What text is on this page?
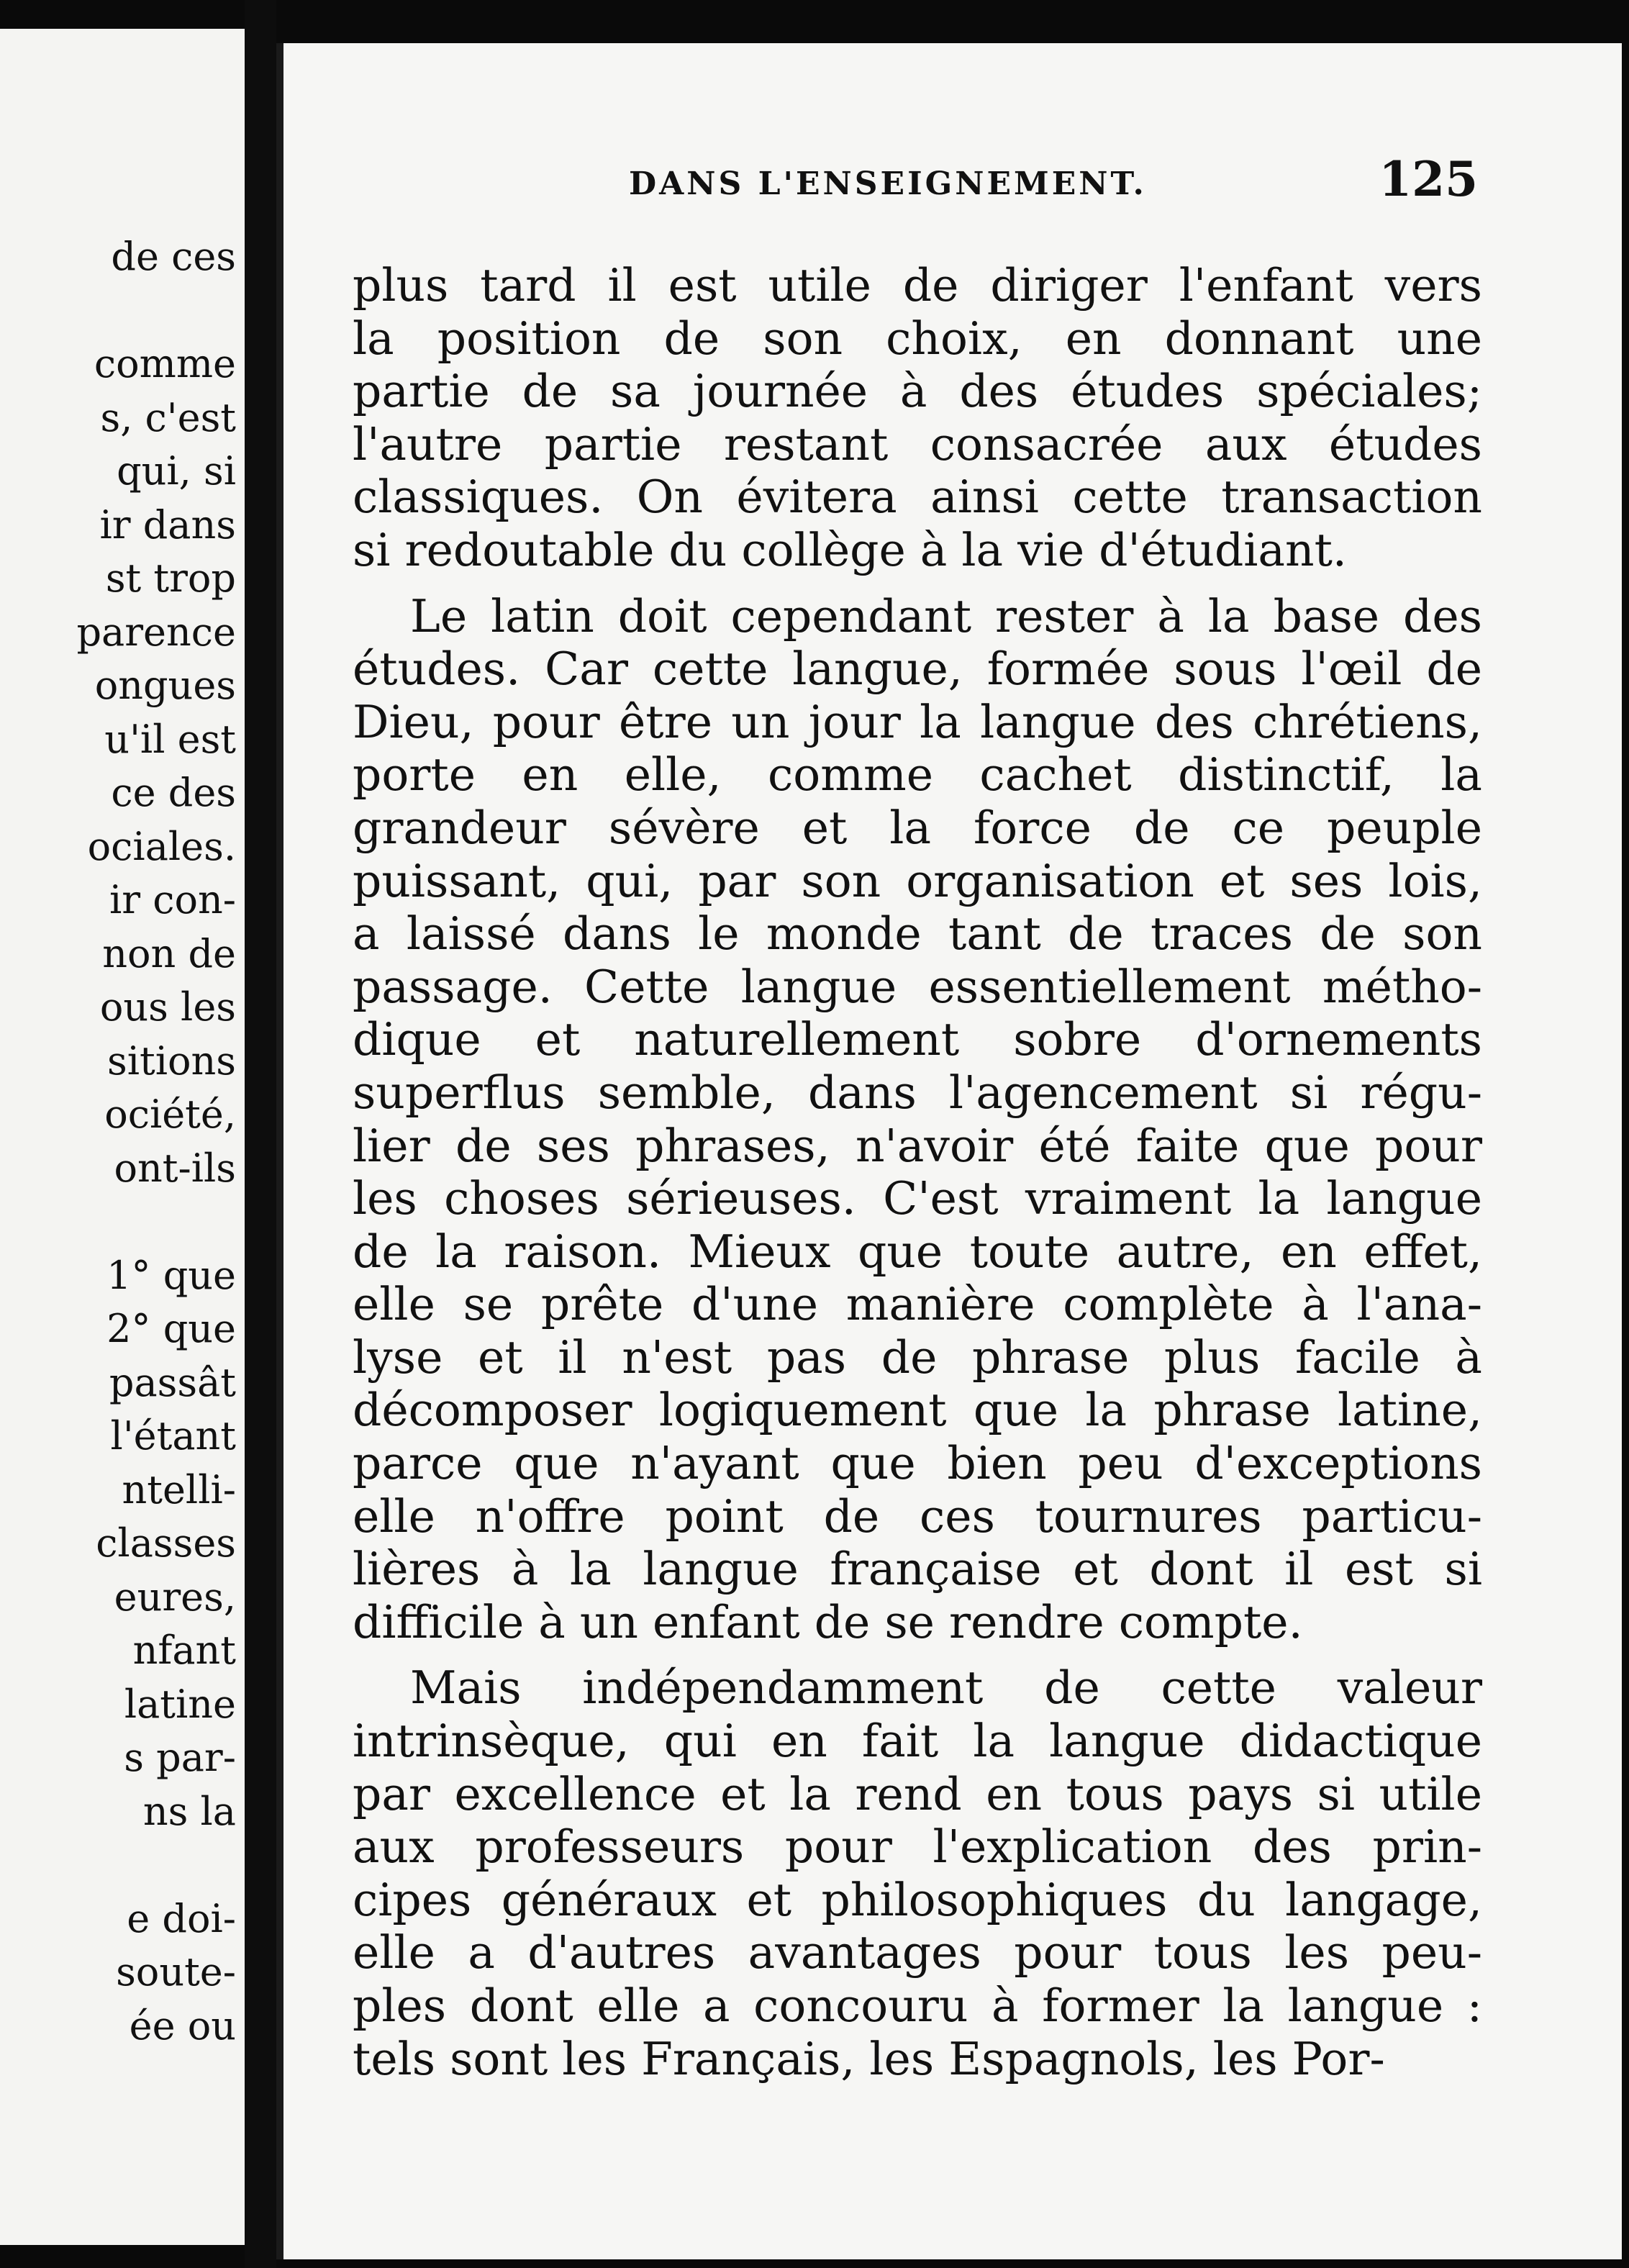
de ces
comme
s, c'est
qui, si
ir dans
st trop
parence
ongues
u'il est
ce des
ociales.
ir con-
non de
ous les
sitions
ociété,
ont-ils
1° que
2° que
passât
l'étant
ntelli-
classes
eures,
nfant
latine
s par-
ns la
e doi-
soute-
ée ou
DANS L'ENSEIGNEMENT.	125
plus tard il est utile de diriger l'enfant vers
la position de son choix, en donnant une
partie de sa journée à des études spéciales;
l'autre partie restant consacrée aux études
classiques. On évitera ainsi cette transaction
si redoutable du collège à la vie d'étudiant.
Le latin doit cependant rester à la base des
études. Car cette langue, formée sous l'œil de
Dieu, pour être un jour la langue des chrétiens,
porte en elle, comme cachet distinctif, la
grandeur sévère et la force de ce peuple
puissant, qui, par son organisation et ses lois,
a laissé dans le monde tant de traces de son
passage. Cette langue essentiellement métho-
dique et naturellement sobre d'ornements
superflus semble, dans l'agencement si régu-
lier de ses phrases, n'avoir été faite que pour
les choses sérieuses. C'est vraiment la langue
de la raison. Mieux que toute autre, en effet,
elle se prête d'une manière complète à l'ana-
lyse et il n'est pas de phrase plus facile à
décomposer logiquement que la phrase latine,
parce que n'ayant que bien peu d'exceptions
elle n'offre point de ces tournures particu-
lières à la langue française et dont il est si
difficile à un enfant de se rendre compte.
Mais indépendamment de cette valeur
intrinsèque, qui en fait la langue didactique
par excellence et la rend en tous pays si utile
aux professeurs pour l'explication des prin-
cipes généraux et philosophiques du langage,
elle a d'autres avantages pour tous les peu-
ples dont elle a concouru à former la langue :
tels sont les Français, les Espagnols, les Por-
